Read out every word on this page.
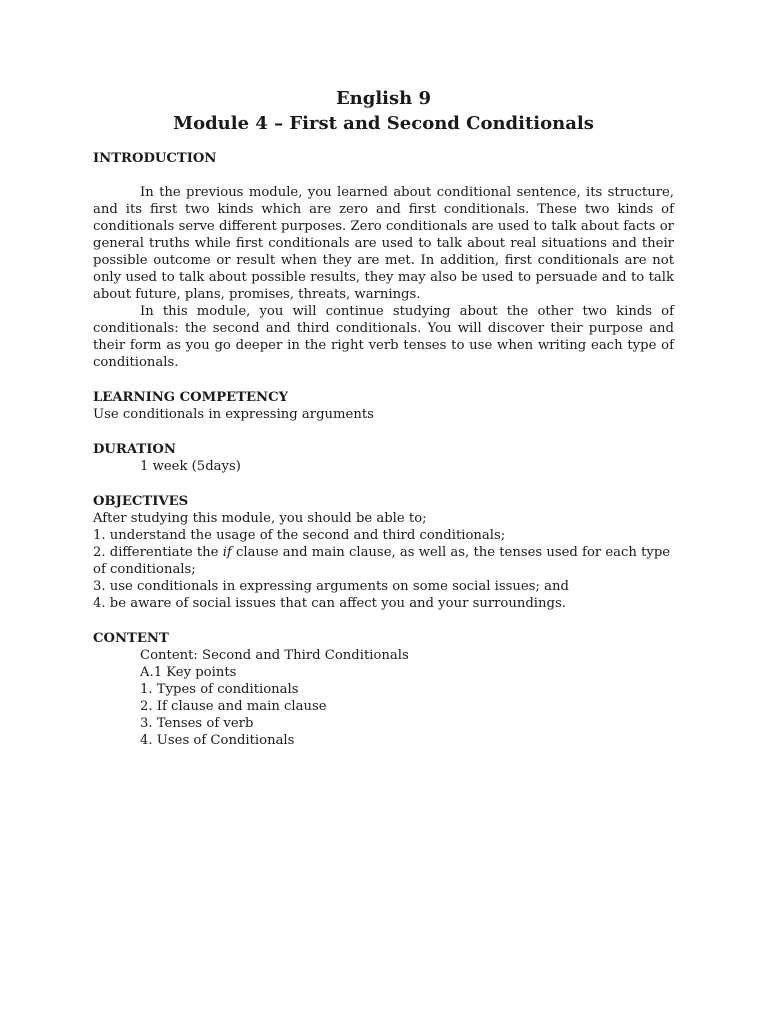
English 9

Module 4 – First and Second Conditionals

INTRODUCTION

In the previous module, you learned about conditional sentence, its structure, and its first two kinds which are zero and first conditionals. These two kinds of conditionals serve different purposes. Zero conditionals are used to talk about facts or general truths while first conditionals are used to talk about real situations and their possible outcome or result when they are met. In addition, first conditionals are not only used to talk about possible results, they may also be used to persuade and to talk about future, plans, promises, threats, warnings.

In this module, you will continue studying about the other two kinds of conditionals: the second and third conditionals. You will discover their purpose and their form as you go deeper in the right verb tenses to use when writing each type of conditionals.

LEARNING COMPETENCY

Use conditionals in expressing arguments

DURATION

1 week (5days)

OBJECTIVES

After studying this module, you should be able to;

1. understand the usage of the second and third conditionals;

2. differentiate the if clause and main clause, as well as, the tenses used for each type of conditionals;

3. use conditionals in expressing arguments on some social issues; and

4. be aware of social issues that can affect you and your surroundings.

CONTENT

Content: Second and Third Conditionals

A.1 Key points

1. Types of conditionals

2. If clause and main clause

3. Tenses of verb

4. Uses of Conditionals
